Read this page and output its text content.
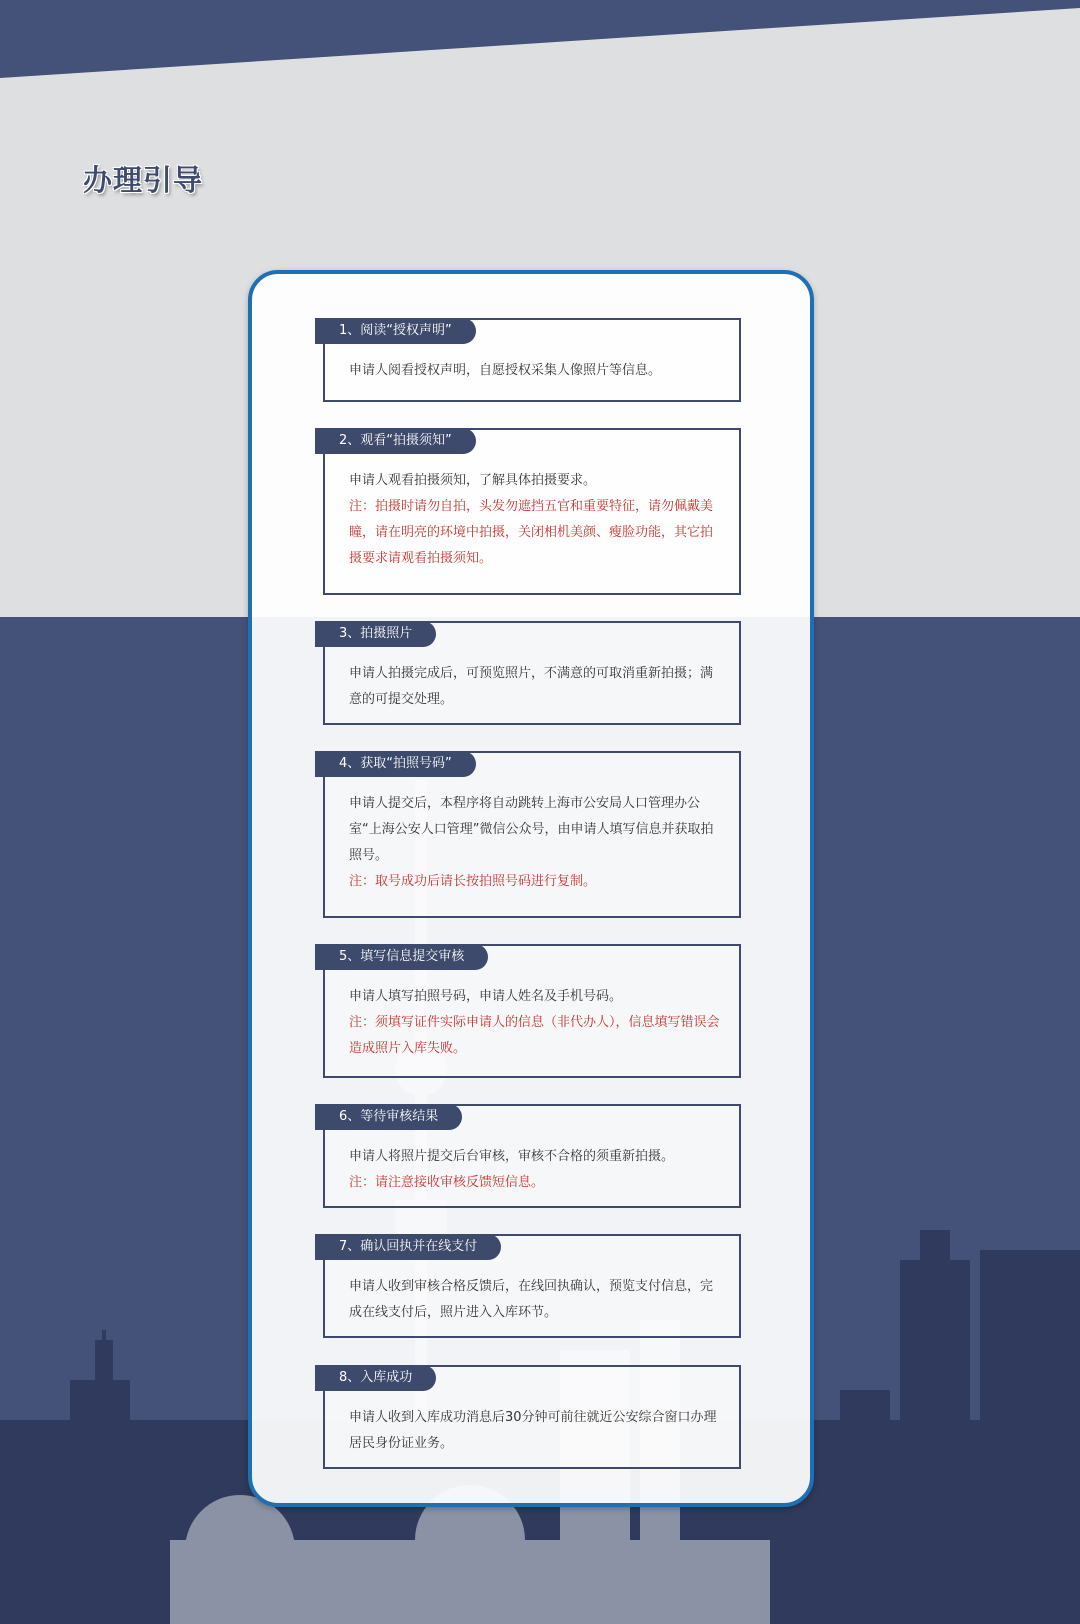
办理引导
1、阅读“授权声明”

申请人阅看授权声明，自愿授权采集人像照片等信息。

2、观看“拍摄须知”

申请人观看拍摄须知，了解具体拍摄要求。

注：拍摄时请勿自拍，头发勿遮挡五官和重要特征，请勿佩戴美瞳，请在明亮的环境中拍摄，关闭相机美颜、瘦脸功能，其它拍摄要求请观看拍摄须知。

3、拍摄照片

申请人拍摄完成后，可预览照片，不满意的可取消重新拍摄；满意的可提交处理。

4、获取“拍照号码”

申请人提交后，本程序将自动跳转上海市公安局人口管理办公室“上海公安人口管理”微信公众号，由申请人填写信息并获取拍照号。

注：取号成功后请长按拍照号码进行复制。

5、填写信息提交审核

申请人填写拍照号码，申请人姓名及手机号码。

注：须填写证件实际申请人的信息（非代办人），信息填写错误会造成照片入库失败。

6、等待审核结果

申请人将照片提交后台审核，审核不合格的须重新拍摄。

注：请注意接收审核反馈短信息。

7、确认回执并在线支付

申请人收到审核合格反馈后，在线回执确认，预览支付信息，完成在线支付后，照片进入入库环节。

8、入库成功

申请人收到入库成功消息后30分钟可前往就近公安综合窗口办理居民身份证业务。
